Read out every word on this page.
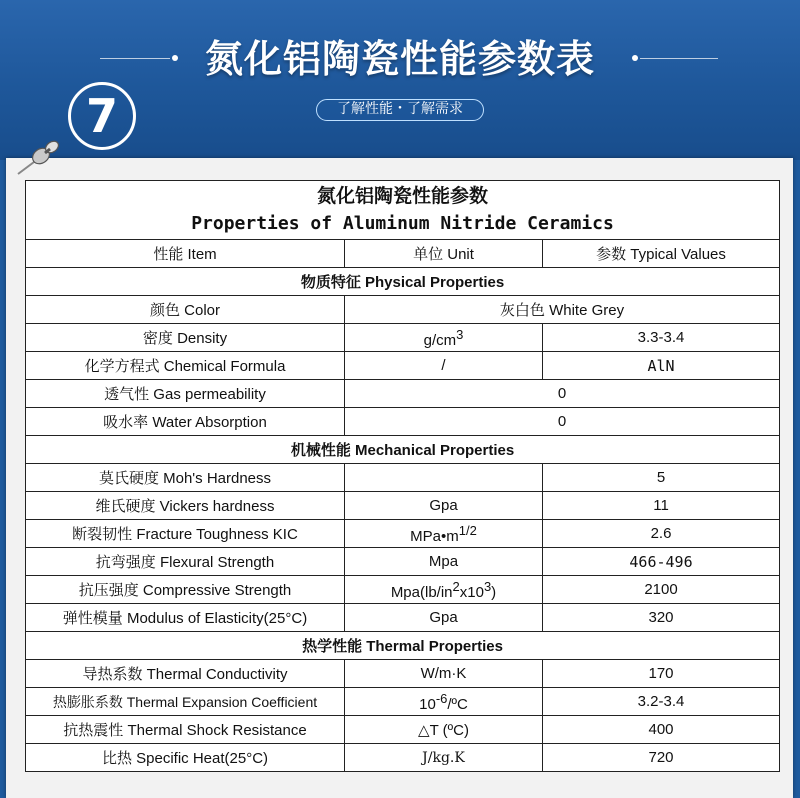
氮化铝陶瓷性能参数表
7	了解性能・了解需求
氮化铝陶瓷性能参数
Properties of Aluminum Nitride Ceramics		

性能 Item	单位 Unit	参数 Typical Values
物质特征 Physical Properties		
颜色 Color	灰白色 White Grey	
密度 Density	$g/cm^3$	3.3-3.4
化学方程式 Chemical Formula	/	AlN
透气性 Gas permeability	0	
吸水率 Water Absorption	0	
机械性能 Mechanical Properties		
莫氏硬度 Moh's Hardness		5
维氏硬度 Vickers hardness	Gpa	11
断裂韧性 Fracture Toughness KIC	$MPa•m^{1/2}$	2.6
抗弯强度 Flexural Strength	Mpa	466-496
抗压强度 Compressive Strength	$Mpa(lb/in^2x10^3)$	2100
弹性模量 Modulus of Elasticity(25°C)	Gpa	320
热学性能 Thermal Properties		
导热系数 Thermal Conductivity	W/m·K	170
热膨胀系数 Thermal Expansion Coefficient	$10^{-6}/ºC$	3.2-3.4
抗热震性 Thermal Shock Resistance	△T (ºC)	400
比热 Specific Heat(25°C)	J/kg.K	720
